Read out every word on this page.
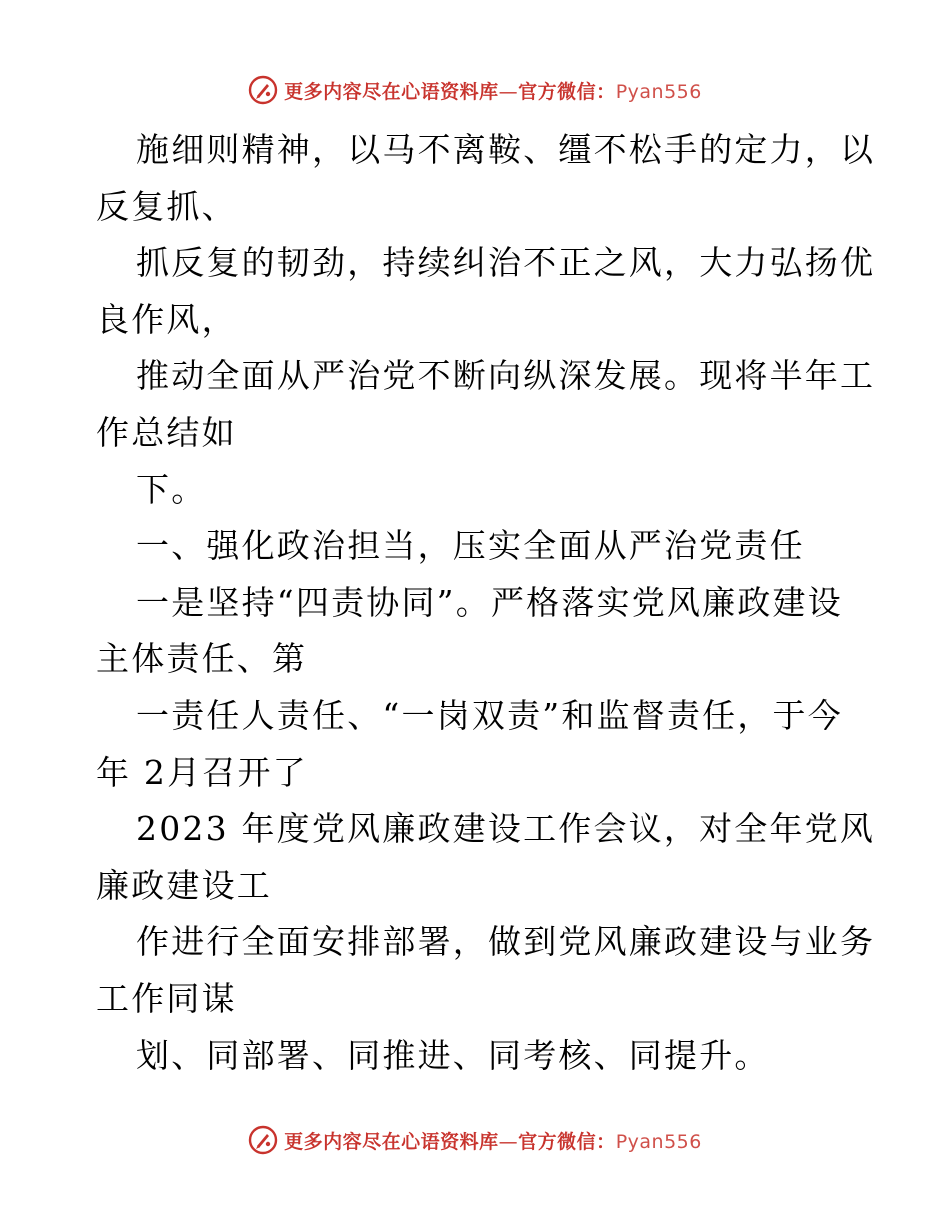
更多内容尽在心语资料库—官方微信：Pyan556
施细则精神，以马不离鞍、缰不松手的定力，以
反复抓、
抓反复的韧劲，持续纠治不正之风，大力弘扬优
良作风，
推动全面从严治党不断向纵深发展。现将半年工
作总结如
下。
一、强化政治担当，压实全面从严治党责任
一是坚持“四责协同”。严格落实党风廉政建设
主体责任、第
一责任人责任、“一岗双责”和监督责任，于今
年 2月召开了
2023 年度党风廉政建设工作会议，对全年党风
廉政建设工
作进行全面安排部署，做到党风廉政建设与业务
工作同谋
划、同部署、同推进、同考核、同提升。
更多内容尽在心语资料库—官方微信：Pyan556
